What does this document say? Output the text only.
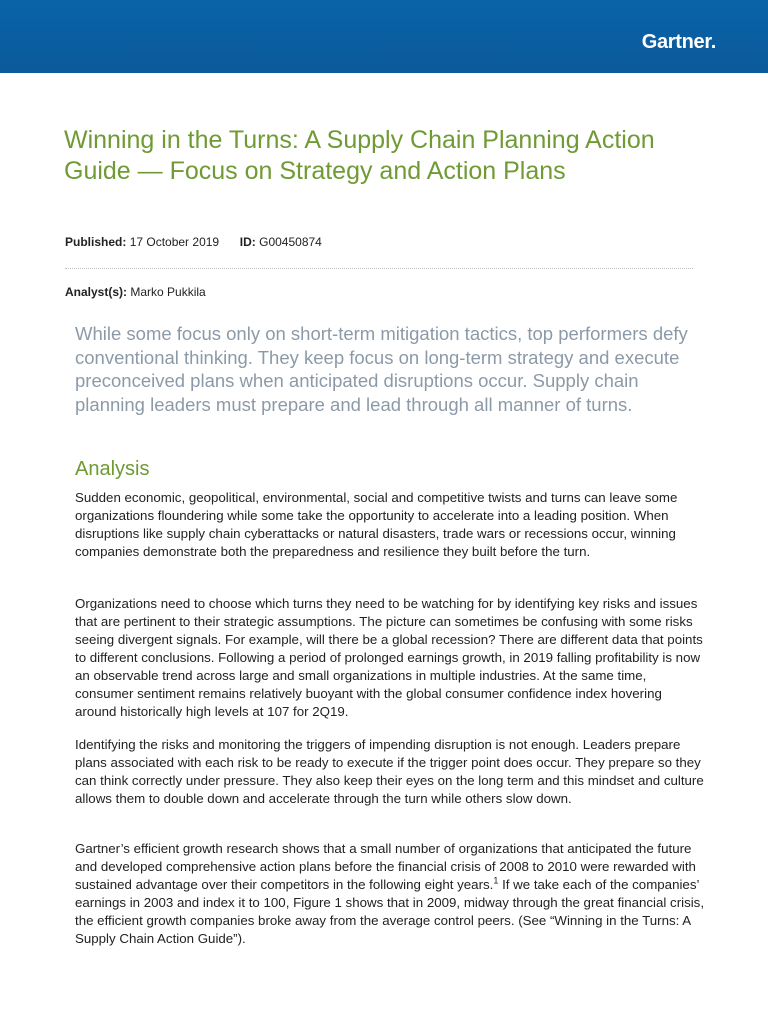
Gartner.
Winning in the Turns: A Supply Chain Planning Action Guide — Focus on Strategy and Action Plans
Published: 17 October 2019 ID: G00450874
Analyst(s): Marko Pukkila

While some focus only on short-term mitigation tactics, top performers defy conventional thinking. They keep focus on long-term strategy and execute preconceived plans when anticipated disruptions occur. Supply chain planning leaders must prepare and lead through all manner of turns.

Analysis

Sudden economic, geopolitical, environmental, social and competitive twists and turns can leave some organizations floundering while some take the opportunity to accelerate into a leading position. When disruptions like supply chain cyberattacks or natural disasters, trade wars or recessions occur, winning companies demonstrate both the preparedness and resilience they built before the turn.

Organizations need to choose which turns they need to be watching for by identifying key risks and issues that are pertinent to their strategic assumptions. The picture can sometimes be confusing with some risks seeing divergent signals. For example, will there be a global recession? There are different data that points to different conclusions. Following a period of prolonged earnings growth, in 2019 falling profitability is now an observable trend across large and small organizations in multiple industries. At the same time, consumer sentiment remains relatively buoyant with the global consumer confidence index hovering around historically high levels at 107 for 2Q19.

Identifying the risks and monitoring the triggers of impending disruption is not enough. Leaders prepare plans associated with each risk to be ready to execute if the trigger point does occur. They prepare so they can think correctly under pressure. They also keep their eyes on the long term and this mindset and culture allows them to double down and accelerate through the turn while others slow down.

Gartner’s efficient growth research shows that a small number of organizations that anticipated the future and developed comprehensive action plans before the financial crisis of 2008 to 2010 were rewarded with sustained advantage over their competitors in the following eight years.$^1$ If we take each of the companies’ earnings in 2003 and index it to 100, Figure 1 shows that in 2009, midway through the great financial crisis, the efficient growth companies broke away from the average control peers. (See “Winning in the Turns: A Supply Chain Action Guide”).
